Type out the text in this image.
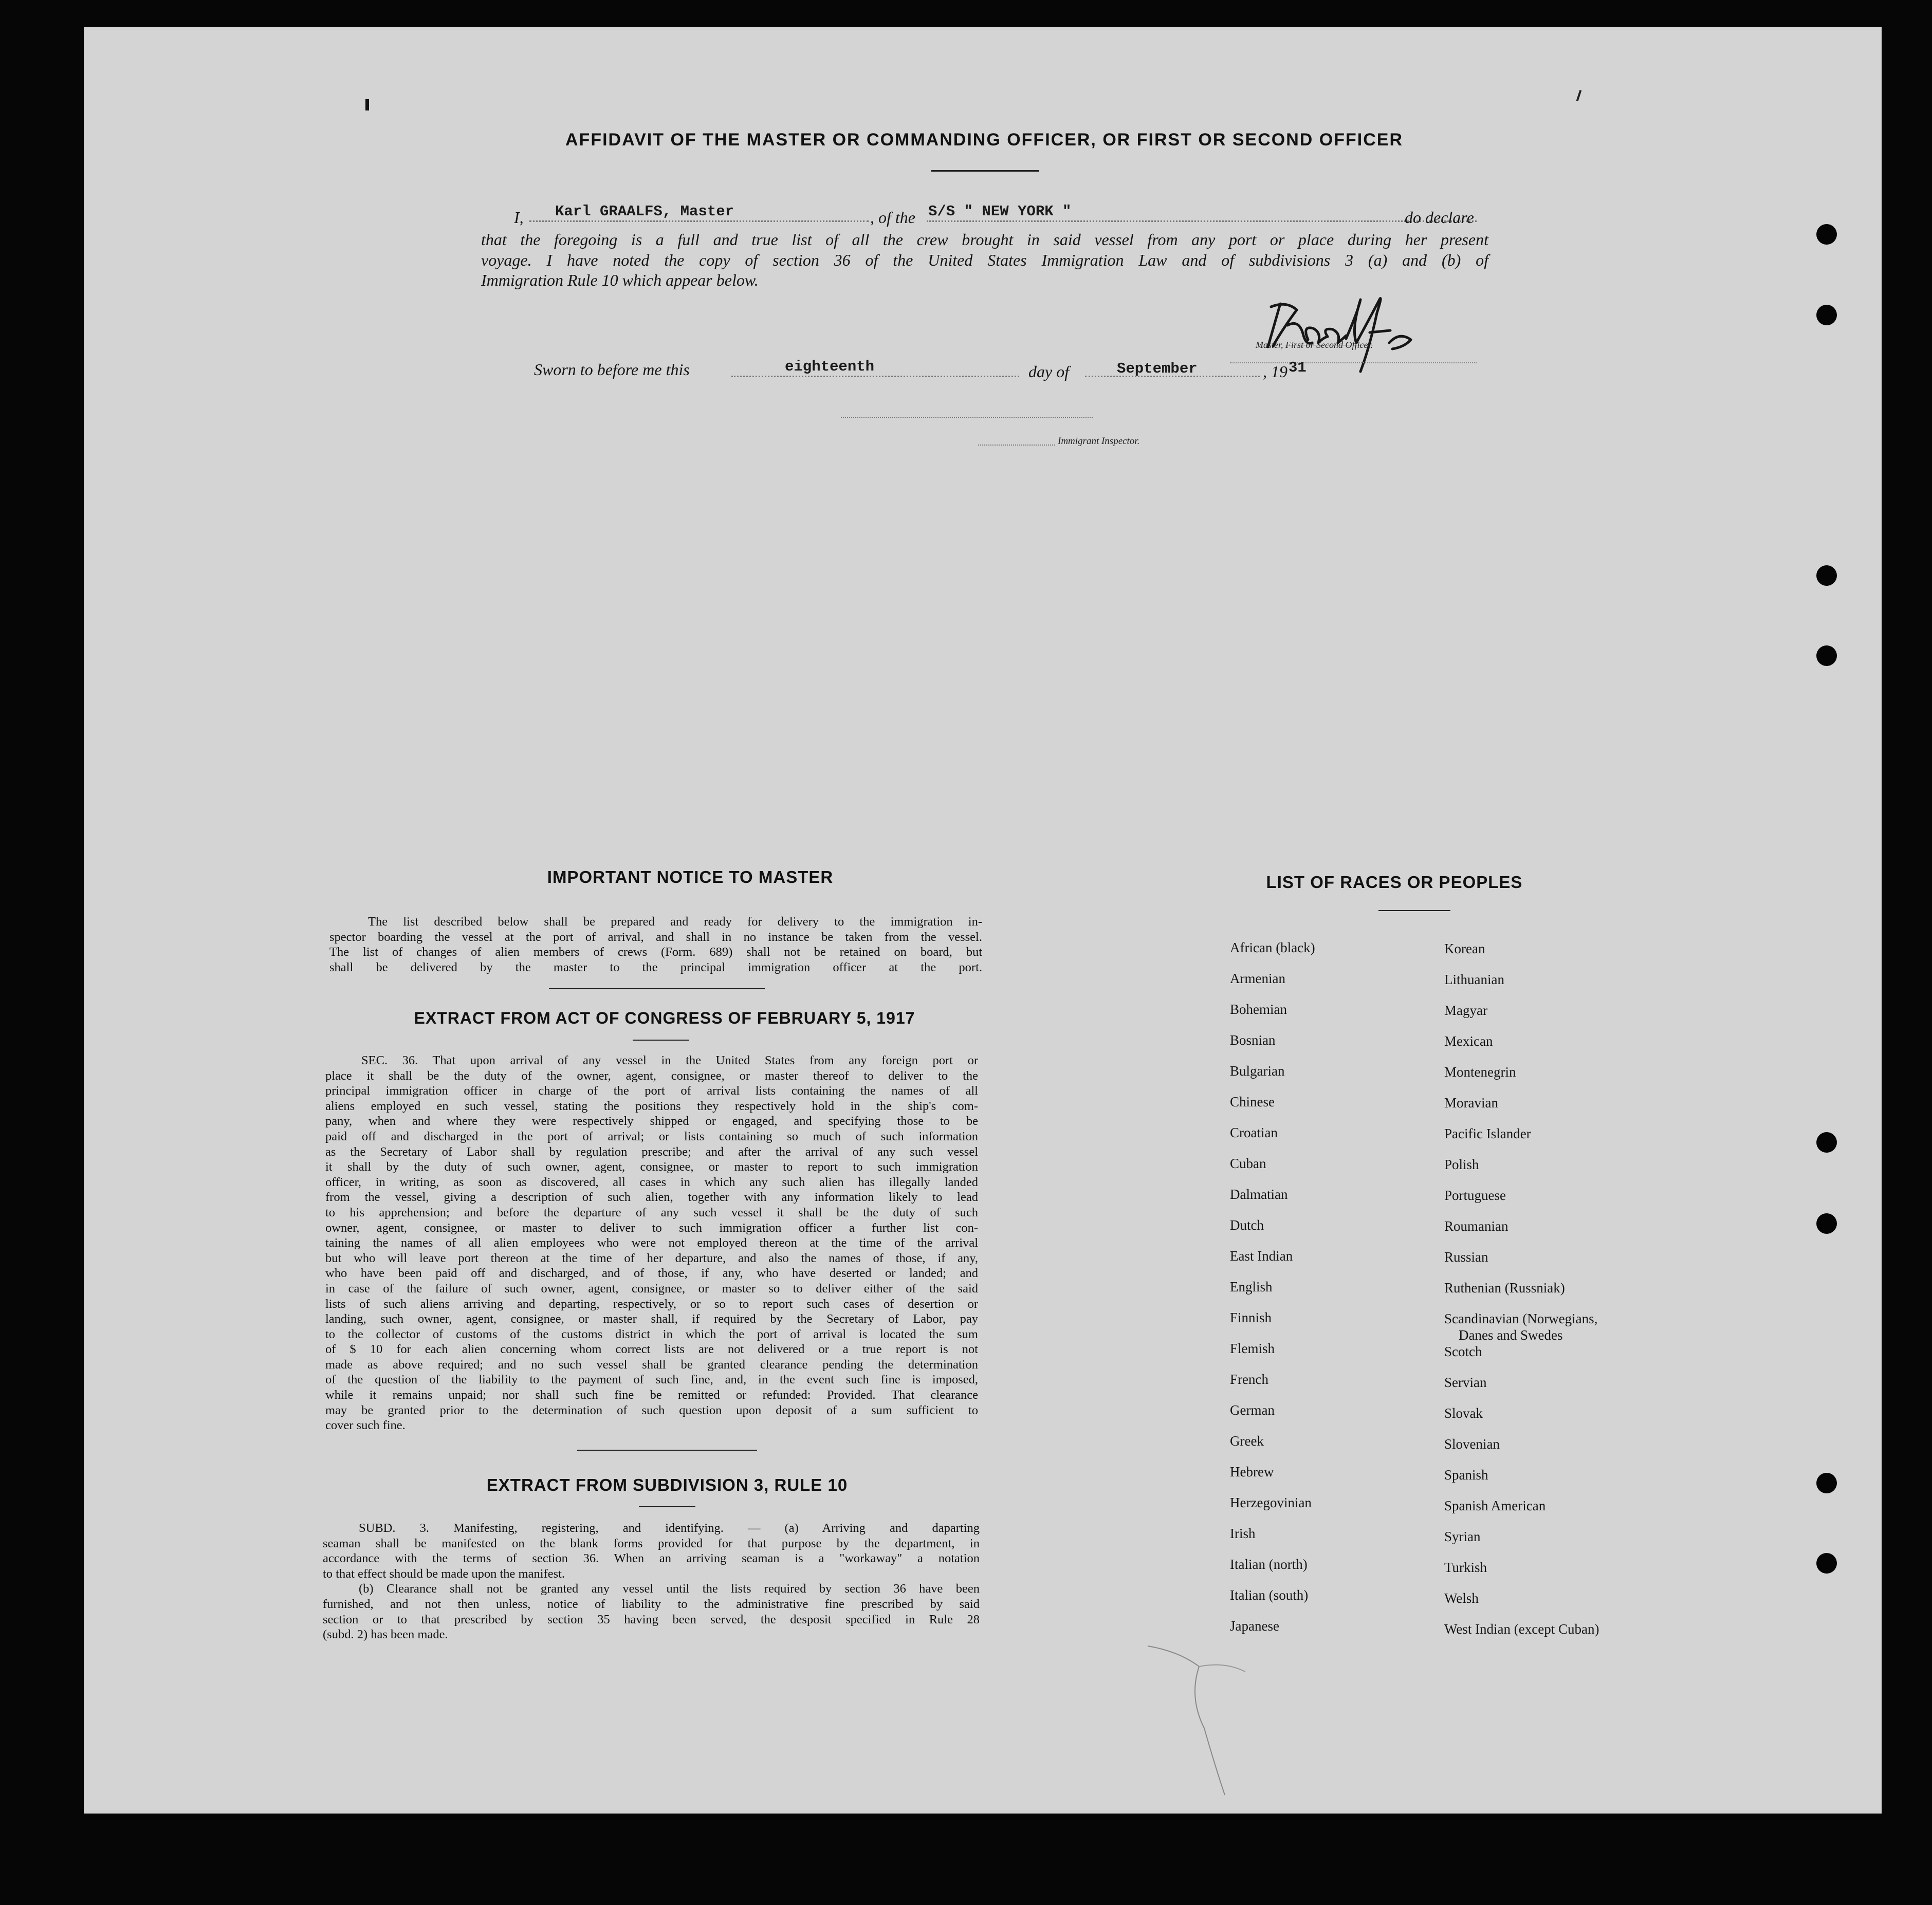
AFFIDAVIT OF THE MASTER OR COMMANDING OFFICER, OR FIRST OR SECOND OFFICER
I, Karl GRAALFS, Master	, of the S/S " NEW YORK "	do declare
that the foregoing is a full and true list of all the crew brought in said vessel from any port or place during her present
voyage. I have noted the copy of section 36 of the United States Immigration Law and of subdivisions 3 (a) and (b) of
Immigration Rule 10 which appear below.
Master, First or Second Officer.
Sworn to before me this	eighteenth	day of	September	, 19 31
Immigrant Inspector.
IMPORTANT NOTICE TO MASTER
The list described below shall be prepared and ready for delivery to the immigration in-
spector boarding the vessel at the port of arrival, and shall in no instance be taken from the vessel.
The list of changes of alien members of crews (Form. 689) shall not be retained on board, but
shall be delivered by the master to the principal immigration officer at the port.
EXTRACT FROM ACT OF CONGRESS OF FEBRUARY 5, 1917
SEC. 36. That upon arrival of any vessel in the United States from any foreign port or
place it shall be the duty of the owner, agent, consignee, or master thereof to deliver to the
principal immigration officer in charge of the port of arrival lists containing the names of all
aliens employed en such vessel, stating the positions they respectively hold in the ship's com-
pany, when and where they were respectively shipped or engaged, and specifying those to be
paid off and discharged in the port of arrival; or lists containing so much of such information
as the Secretary of Labor shall by regulation prescribe; and after the arrival of any such vessel
it shall by the duty of such owner, agent, consignee, or master to report to such immigration
officer, in writing, as soon as discovered, all cases in which any such alien has illegally landed
from the vessel, giving a description of such alien, together with any information likely to lead
to his apprehension; and before the departure of any such vessel it shall be the duty of such
owner, agent, consignee, or master to deliver to such immigration officer a further list con-
taining the names of all alien employees who were not employed thereon at the time of the arrival
but who will leave port thereon at the time of her departure, and also the names of those, if any,
who have been paid off and discharged, and of those, if any, who have deserted or landed; and
in case of the failure of such owner, agent, consignee, or master so to deliver either of the said
lists of such aliens arriving and departing, respectively, or so to report such cases of desertion or
landing, such owner, agent, consignee, or master shall, if required by the Secretary of Labor, pay
to the collector of customs of the customs district in which the port of arrival is located the sum
of $ 10 for each alien concerning whom correct lists are not delivered or a true report is not
made as above required; and no such vessel shall be granted clearance pending the determination
of the question of the liability to the payment of such fine, and, in the event such fine is imposed,
while it remains unpaid; nor shall such fine be remitted or refunded: Provided. That clearance
may be granted prior to the determination of such question upon deposit of a sum sufficient to
cover such fine.
EXTRACT FROM SUBDIVISION 3, RULE 10
SUBD. 3. Manifesting, registering, and identifying. — (a) Arriving and daparting
seaman shall be manifested on the blank forms provided for that purpose by the department, in
accordance with the terms of section 36. When an arriving seaman is a "workaway" a notation
to that effect should be made upon the manifest.
(b) Clearance shall not be granted any vessel until the lists required by section 36 have been
furnished, and not then unless, notice of liability to the administrative fine prescribed by said
section or to that prescribed by section 35 having been served, the desposit specified in Rule 28
(subd. 2) has been made.
LIST OF RACES OR PEOPLES
African (black)
Armenian
Bohemian
Bosnian
Bulgarian
Chinese
Croatian
Cuban
Dalmatian
Dutch
East Indian
English
Finnish
Flemish
French
German
Greek
Hebrew
Herzegovinian
Irish
Italian (north)
Italian (south)
Japanese
Korean
Lithuanian
Magyar
Mexican
Montenegrin
Moravian
Pacific Islander
Polish
Portuguese
Roumanian
Russian
Ruthenian (Russniak)
Scandinavian (Norwegians,
Danes and Swedes
Scotch
Servian
Slovak
Slovenian
Spanish
Spanish American
Syrian
Turkish
Welsh
West Indian (except Cuban)
